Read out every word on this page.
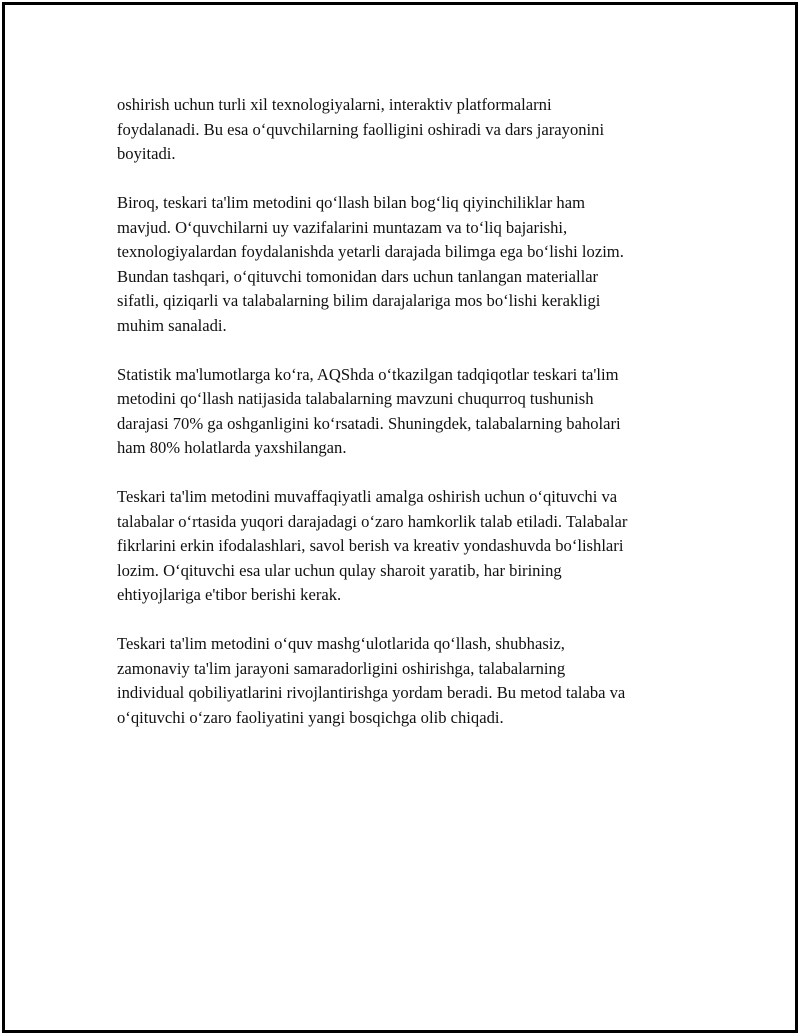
oshirish uchun turli xil texnologiyalarni, interaktiv platformalarni
foydalanadi. Bu esa o‘quvchilarning faolligini oshiradi va dars jarayonini
boyitadi.

Biroq, teskari ta'lim metodini qo‘llash bilan bog‘liq qiyinchiliklar ham
mavjud. O‘quvchilarni uy vazifalarini muntazam va to‘liq bajarishi,
texnologiyalardan foydalanishda yetarli darajada bilimga ega bo‘lishi lozim.
Bundan tashqari, o‘qituvchi tomonidan dars uchun tanlangan materiallar
sifatli, qiziqarli va talabalarning bilim darajalariga mos bo‘lishi kerakligi
muhim sanaladi.

Statistik ma'lumotlarga ko‘ra, AQShda o‘tkazilgan tadqiqotlar teskari ta'lim
metodini qo‘llash natijasida talabalarning mavzuni chuqurroq tushunish
darajasi 70% ga oshganligini ko‘rsatadi. Shuningdek, talabalarning baholari
ham 80% holatlarda yaxshilangan.

Teskari ta'lim metodini muvaffaqiyatli amalga oshirish uchun o‘qituvchi va
talabalar o‘rtasida yuqori darajadagi o‘zaro hamkorlik talab etiladi. Talabalar
fikrlarini erkin ifodalashlari, savol berish va kreativ yondashuvda bo‘lishlari
lozim. O‘qituvchi esa ular uchun qulay sharoit yaratib, har birining
ehtiyojlariga e'tibor berishi kerak.

Teskari ta'lim metodini o‘quv mashg‘ulotlarida qo‘llash, shubhasiz,
zamonaviy ta'lim jarayoni samaradorligini oshirishga, talabalarning
individual qobiliyatlarini rivojlantirishga yordam beradi. Bu metod talaba va
o‘qituvchi o‘zaro faoliyatini yangi bosqichga olib chiqadi.
